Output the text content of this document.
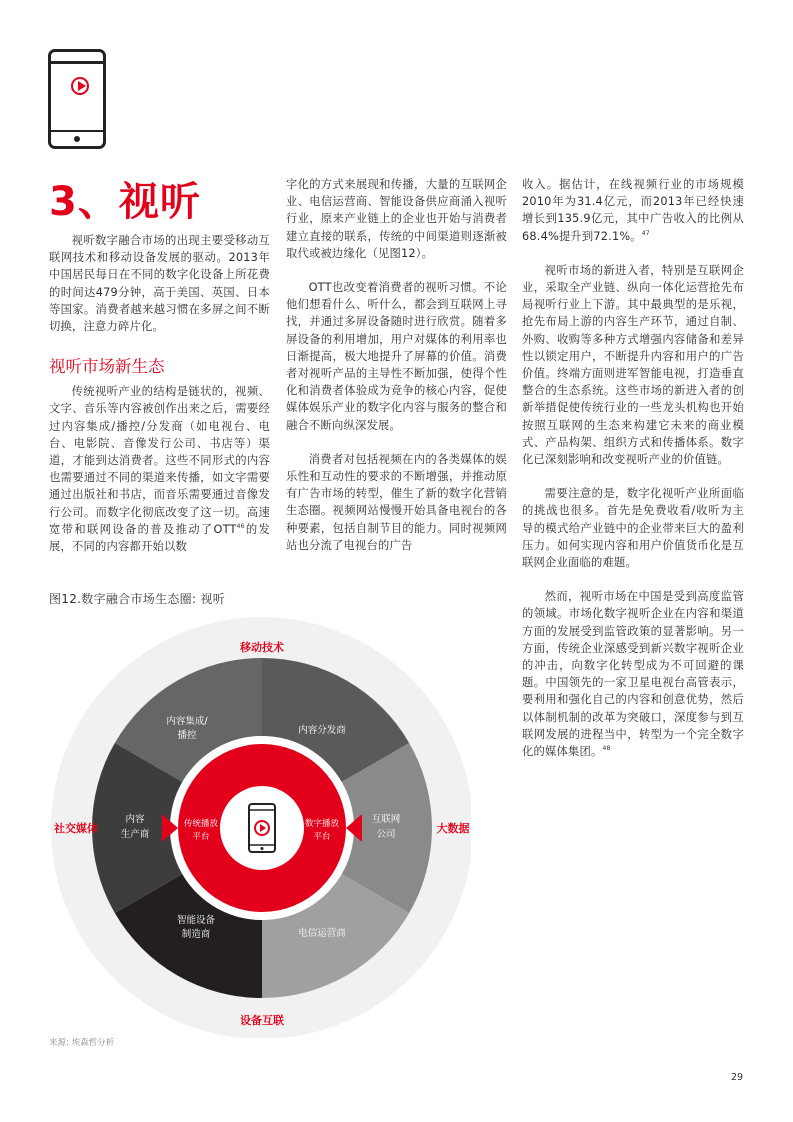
3、视听

视听数字融合市场的出现主要受移动互联网技术和移动设备发展的驱动。2013年中国居民每日在不同的数字化设备上所花费的时间达479分钟，高于美国、英国、日本等国家。消费者越来越习惯在多屏之间不断切换，注意力碎片化。

视听市场新生态

传统视听产业的结构是链状的，视频、文字、音乐等内容被创作出来之后，需要经过内容集成/播控/分发商（如电视台、电台、电影院、音像发行公司、书店等）渠道，才能到达消费者。这些不同形式的内容也需要通过不同的渠道来传播，如文字需要通过出版社和书店，而音乐需要通过音像发行公司。而数字化彻底改变了这一切。高速宽带和联网设备的普及推动了OTT$^{46}$的发展，不同的内容都开始以数

字化的方式来展现和传播，大量的互联网企业、电信运营商、智能设备供应商涌入视听行业，原来产业链上的企业也开始与消费者建立直接的联系，传统的中间渠道则逐渐被取代或被边缘化（见图12）。

OTT也改变着消费者的视听习惯。不论他们想看什么、听什么，都会到互联网上寻找，并通过多屏设备随时进行欣赏。随着多屏设备的利用增加，用户对媒体的利用率也日渐提高，极大地提升了屏幕的价值。消费者对视听产品的主导性不断加强，使得个性化和消费者体验成为竞争的核心内容，促使媒体娱乐产业的数字化内容与服务的整合和融合不断向纵深发展。

消费者对包括视频在内的各类媒体的娱乐性和互动性的要求的不断增强，并推动原有广告市场的转型，催生了新的数字化营销生态圈。视频网站慢慢开始具备电视台的各种要素，包括自制节目的能力。同时视频网站也分流了电视台的广告

收入。据估计，在线视频行业的市场规模2010年为31.4亿元，而2013年已经快速增长到135.9亿元，其中广告收入的比例从68.4%提升到72.1%。$^{47}$

视听市场的新进入者，特别是互联网企业，采取全产业链、纵向一体化运营抢先布局视听行业上下游。其中最典型的是乐视，抢先布局上游的内容生产环节，通过自制、外购、收购等多种方式增强内容储备和差异性以锁定用户，不断提升内容和用户的广告价值。终端方面则进军智能电视，打造垂直整合的生态系统。这些市场的新进入者的创新举措促使传统行业的一些龙头机构也开始按照互联网的生态来构建它未来的商业模式、产品构架、组织方式和传播体系。数字化已深刻影响和改变视听产业的价值链。

需要注意的是，数字化视听产业所面临的挑战也很多。首先是免费收看/收听为主导的模式给产业链中的企业带来巨大的盈利压力。如何实现内容和用户价值货币化是互联网企业面临的难题。

然而，视听市场在中国是受到高度监管的领域。市场化数字视听企业在内容和渠道方面的发展受到监管政策的显著影响。另一方面，传统企业深感受到新兴数字视听企业的冲击，向数字化转型成为不可回避的课题。中国领先的一家卫星电视台高管表示，要利用和强化自己的内容和创意优势，然后以体制机制的改革为突破口，深度参与到互联网发展的进程当中，转型为一个完全数字化的媒体集团。$^{48}$

图12.数字融合市场生态圈: 视听
移动技术
设备互联
社交媒体	大数据
内容集成/
播控	内容分发商
内容
生产商
互联网
公司
智能设备
制造商	电信运营商
传统播放
平台
数字播放
平台
来源: 埃森哲分析
29
